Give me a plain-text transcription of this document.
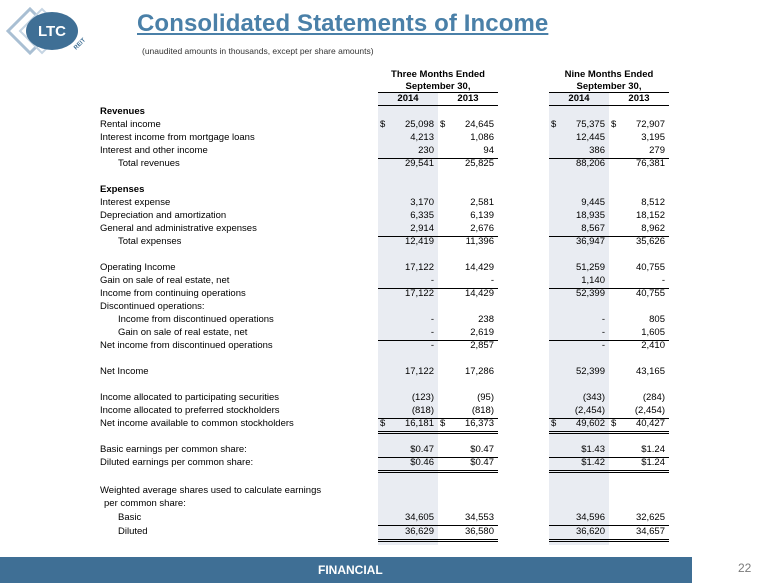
LTC
REIT
Consolidated Statements of Income
(unaudited amounts in thousands, except per share amounts)
Three Months Ended
September 30,
Nine Months Ended
September 30,
2014	2013	2014	2013
Revenues
Rental income	$ 25,098 $ 24,645	$ 75,375 $ 72,907
Interest income from mortgage loans	4,213	1,086	12,445	3,195
Interest and other income	230	94	386	279
Total revenues	29,541	25,825	88,206	76,381
Expenses
Interest expense	3,170	2,581	9,445	8,512
Depreciation and amortization	6,335	6,139	18,935	18,152
General and administrative expenses	2,914	2,676	8,567	8,962
Total expenses	12,419	11,396	36,947	35,626
Operating Income	17,122	14,429	51,259	40,755
Gain on sale of real estate, net	-	-	1,140	-
Income from continuing operations	17,122	14,429	52,399	40,755
Discontinued operations:
Income from discontinued operations	-	238	-	805
Gain on sale of real estate, net	-	2,619	-	1,605
Net income from discontinued operations	-	2,857	-	2,410
Net Income	17,122	17,286	52,399	43,165
Income allocated to participating securities	(123)	(95)	(343)	(284)
Income allocated to preferred stockholders	(818)	(818)	(2,454)	(2,454)
Net income available to common stockholders	$ 16,181 $ 16,373	$ 49,602 $ 40,427
Basic earnings per common share:	$0.47	$0.47	$1.43	$1.24
Diluted earnings per common share:	$0.46	$0.47	$1.42	$1.24
Weighted average shares used to calculate earnings
per common share:
Basic	34,605	34,553	34,596	32,625
Diluted	36,629	36,580	36,620	34,657
FINANCIAL	22
